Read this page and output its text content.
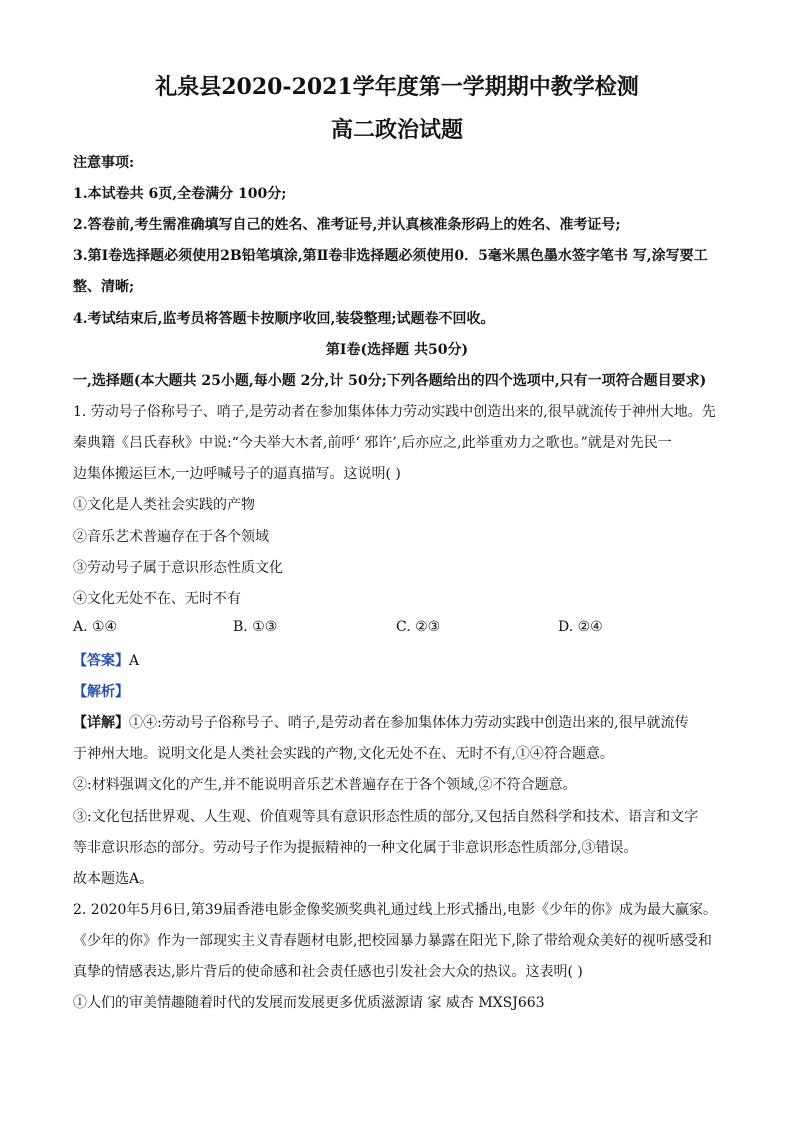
礼泉县2020-2021学年度第一学期期中教学检测
高二政治试题
注意事项:
1.本试卷共 6页,全卷满分 100分;
2.答卷前,考生需准确填写自己的姓名、准考证号,并认真核准条形码上的姓名、准考证号;
3.第Ⅰ卷选择题必须使用2B铅笔填涂,第Ⅱ卷非选择题必须使用0．5毫米黑色墨水签字笔书 写,涂写要工
整、清晰;
4.考试结束后,监考员将答题卡按顺序收回,装袋整理;试题卷不回收。
第Ⅰ卷(选择题 共50分)
一,选择题(本大题共 25小题,每小题 2分,计 50分;下列各题给出的四个选项中,只有一项符合题目要求)
1. 劳动号子俗称号子、哨子,是劳动者在参加集体体力劳动实践中创造出来的,很早就流传于神州大地。先
秦典籍《吕氏春秋》中说:“今夫举大木者,前呼‘ 邪许’,后亦应之,此举重劝力之歌也。”就是对先民一
边集体搬运巨木,一边呼喊号子的逼真描写。这说明( )
①文化是人类社会实践的产物
②音乐艺术普遍存在于各个领域
③劳动号子属于意识形态性质文化
④文化无处不在、无时不有
A. ①④	B. ①③	C. ②③	D. ②④
【答案】A
【解析】
【详解】①④:劳动号子俗称号子、哨子,是劳动者在参加集体体力劳动实践中创造出来的,很早就流传
于神州大地。说明文化是人类社会实践的产物,文化无处不在、无时不有,①④符合题意。
②:材料强调文化的产生,并不能说明音乐艺术普遍存在于各个领域,②不符合题意。
③:文化包括世界观、人生观、价值观等具有意识形态性质的部分,又包括自然科学和技术、语言和文字
等非意识形态的部分。劳动号子作为提振精神的一种文化属于非意识形态性质部分,③错误。
故本题选A。
2. 2020年5月6日,第39届香港电影金像奖颁奖典礼通过线上形式播出,电影《少年的你》成为最大赢家。
《少年的你》作为一部现实主义青春题材电影,把校园暴力暴露在阳光下,除了带给观众美好的视听感受和
真挚的情感表达,影片背后的使命感和社会责任感也引发社会大众的热议。这表明( )
①人们的审美情趣随着时代的发展而发展更多优质滋源请 家 威杏 MXSJ663
